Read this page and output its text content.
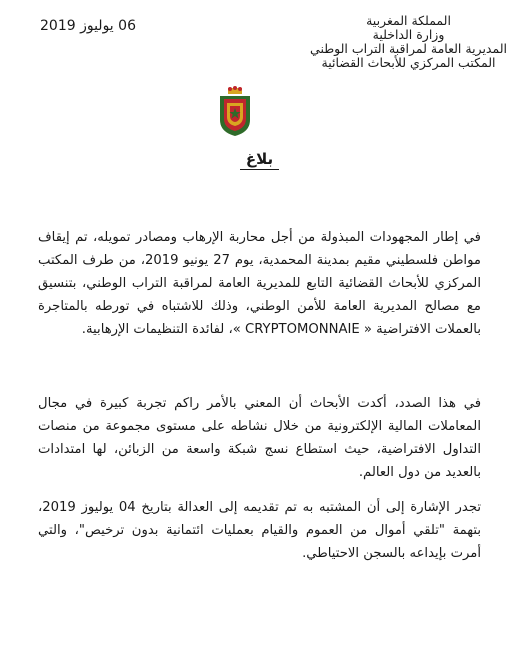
06 يوليوز 2019	المملكة المغربية
وزارة الداخلية
المديرية العامة لمراقبة التراب الوطني
المكتب المركزي للأبحاث القضائية
بلاغ

في إطار المجهودات المبذولة من أجل محاربة الإرهاب ومصادر تمويله، تم إيقاف مواطن فلسطيني مقيم بمدينة المحمدية، يوم 27 يونيو 2019، من طرف المكتب المركزي للأبحاث القضائية التابع للمديرية العامة لمراقبة التراب الوطني، بتنسيق مع مصالح المديرية العامة للأمن الوطني، وذلك للاشتباه في تورطه بالمتاجرة بالعملات الافتراضية « CRYPTOMONNAIE »، لفائدة التنظيمات الإرهابية.

في هذا الصدد، أكدت الأبحاث أن المعني بالأمر راكم تجربة كبيرة في مجال المعاملات المالية الإلكترونية من خلال نشاطه على مستوى مجموعة من منصات التداول الافتراضية، حيث استطاع نسج شبكة واسعة من الزبائن، لها امتدادات بالعديد من دول العالم.

تجدر الإشارة إلى أن المشتبه به تم تقديمه إلى العدالة بتاريخ 04 يوليوز 2019، بتهمة "تلقي أموال من العموم والقيام بعمليات ائتمانية بدون ترخيص"، والتي أمرت بإيداعه بالسجن الاحتياطي.
